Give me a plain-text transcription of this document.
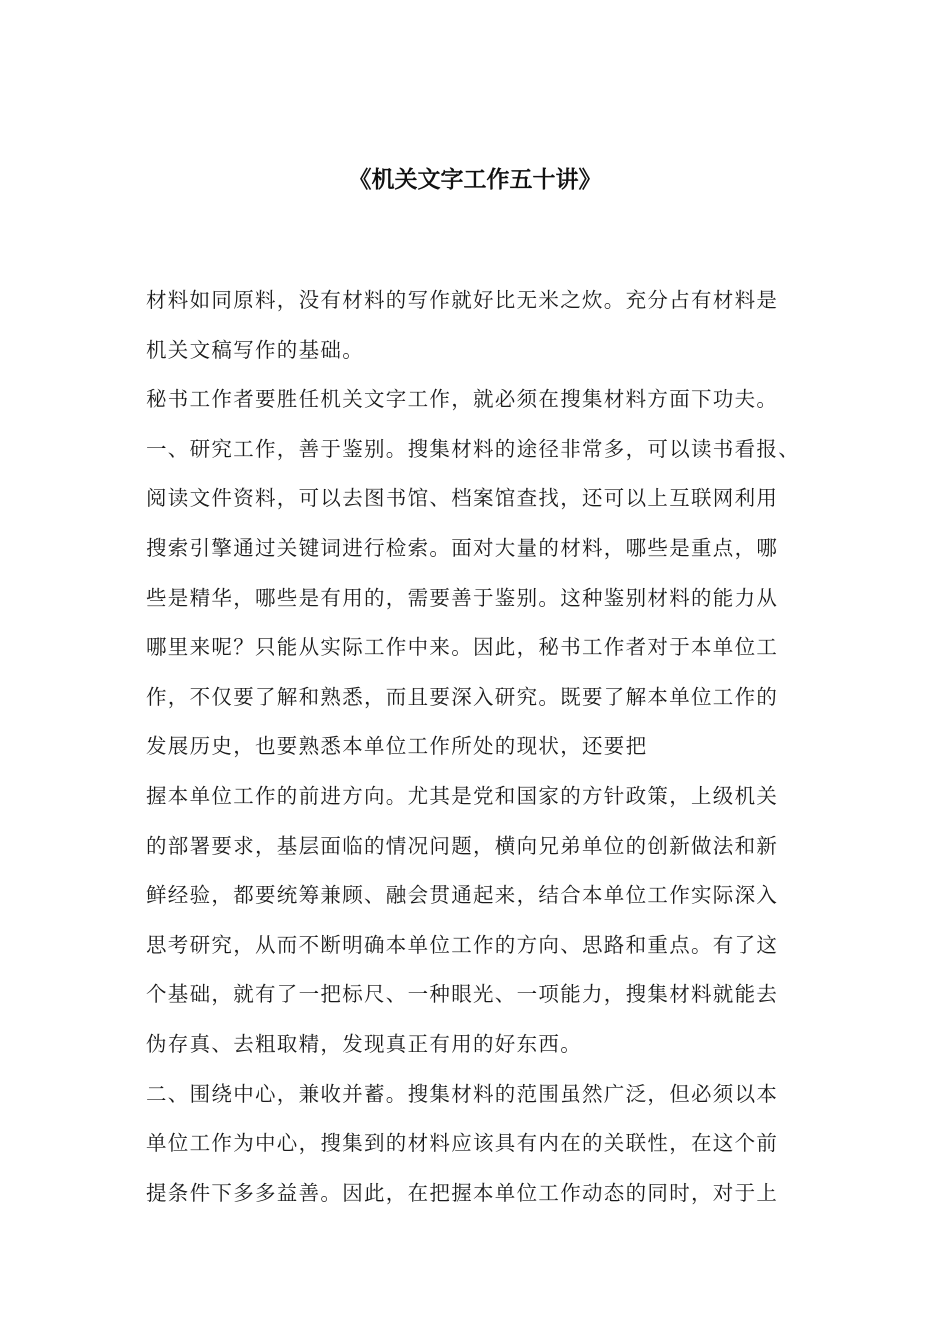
《机关文字工作五十讲》
材料如同原料，没有材料的写作就好比无米之炊。充分占有材料是
机关文稿写作的基础。
秘书工作者要胜任机关文字工作，就必须在搜集材料方面下功夫。
一、研究工作，善于鉴别。搜集材料的途径非常多，可以读书看报、
阅读文件资料，可以去图书馆、档案馆查找，还可以上互联网利用
搜索引擎通过关键词进行检索。面对大量的材料，哪些是重点，哪
些是精华，哪些是有用的，需要善于鉴别。这种鉴别材料的能力从
哪里来呢？只能从实际工作中来。因此，秘书工作者对于本单位工
作，不仅要了解和熟悉，而且要深入研究。既要了解本单位工作的
发展历史，也要熟悉本单位工作所处的现状，还要把
握本单位工作的前进方向。尤其是党和国家的方针政策，上级机关
的部署要求，基层面临的情况问题，横向兄弟单位的创新做法和新
鲜经验，都要统筹兼顾、融会贯通起来，结合本单位工作实际深入
思考研究，从而不断明确本单位工作的方向、思路和重点。有了这
个基础，就有了一把标尺、一种眼光、一项能力，搜集材料就能去
伪存真、去粗取精，发现真正有用的好东西。
二、围绕中心，兼收并蓄。搜集材料的范围虽然广泛，但必须以本
单位工作为中心，搜集到的材料应该具有内在的关联性，在这个前
提条件下多多益善。因此，在把握本单位工作动态的同时，对于上
